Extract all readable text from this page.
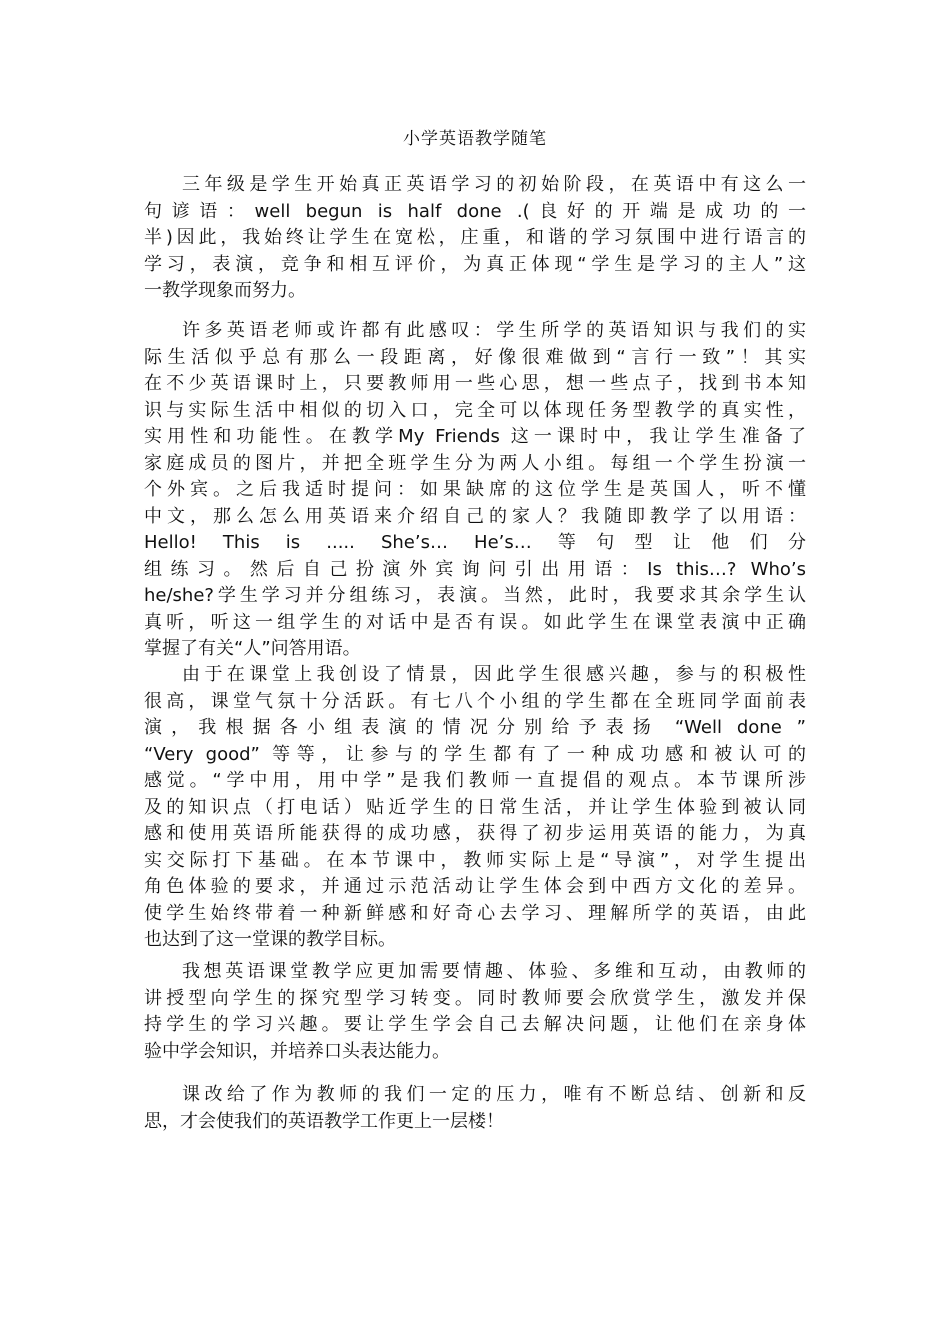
小学英语教学随笔
三年级是学生开始真正英语学习的初始阶段，在英语中有这么一
句谚语：well begun is half done .(良好的开端是成功的一
半)因此，我始终让学生在宽松，庄重，和谐的学习氛围中进行语言的
学习，表演，竞争和相互评价，为真正体现“学生是学习的主人”这
一教学现象而努力。
许多英语老师或许都有此感叹：学生所学的英语知识与我们的实
际生活似乎总有那么一段距离，好像很难做到“言行一致”！其实
在不少英语课时上，只要教师用一些心思，想一些点子，找到书本知
识与实际生活中相似的切入口，完全可以体现任务型教学的真实性，
实用性和功能性。在教学My Friends 这一课时中，我让学生准备了
家庭成员的图片，并把全班学生分为两人小组。每组一个学生扮演一
个外宾。之后我适时提问：如果缺席的这位学生是英国人，听不懂
中文，那么怎么用英语来介绍自己的家人？我随即教学了以用语：
Hello! This is ..... She’s… He’s… 等句型让他们分
组练习。然后自己扮演外宾询问引出用语：Is this…? Who’s
he/she?学生学习并分组练习，表演。当然，此时，我要求其余学生认
真听，听这一组学生的对话中是否有误。如此学生在课堂表演中正确
掌握了有关“人”问答用语。
由于在课堂上我创设了情景，因此学生很感兴趣，参与的积极性
很高，课堂气氛十分活跃。有七八个小组的学生都在全班同学面前表
演，我根据各小组表演的情况分别给予表扬 “Well done ”
“Very good” 等等，让参与的学生都有了一种成功感和被认可的
感觉。“学中用，用中学”是我们教师一直提倡的观点。本节课所涉
及的知识点（打电话）贴近学生的日常生活，并让学生体验到被认同
感和使用英语所能获得的成功感，获得了初步运用英语的能力，为真
实交际打下基础。在本节课中，教师实际上是“导演”，对学生提出
角色体验的要求，并通过示范活动让学生体会到中西方文化的差异。
使学生始终带着一种新鲜感和好奇心去学习、理解所学的英语，由此
也达到了这一堂课的教学目标。
我想英语课堂教学应更加需要情趣、体验、多维和互动，由教师的
讲授型向学生的探究型学习转变。同时教师要会欣赏学生，激发并保
持学生的学习兴趣。要让学生学会自己去解决问题，让他们在亲身体
验中学会知识，并培养口头表达能力。
课改给了作为教师的我们一定的压力，唯有不断总结、创新和反
思，才会使我们的英语教学工作更上一层楼！
